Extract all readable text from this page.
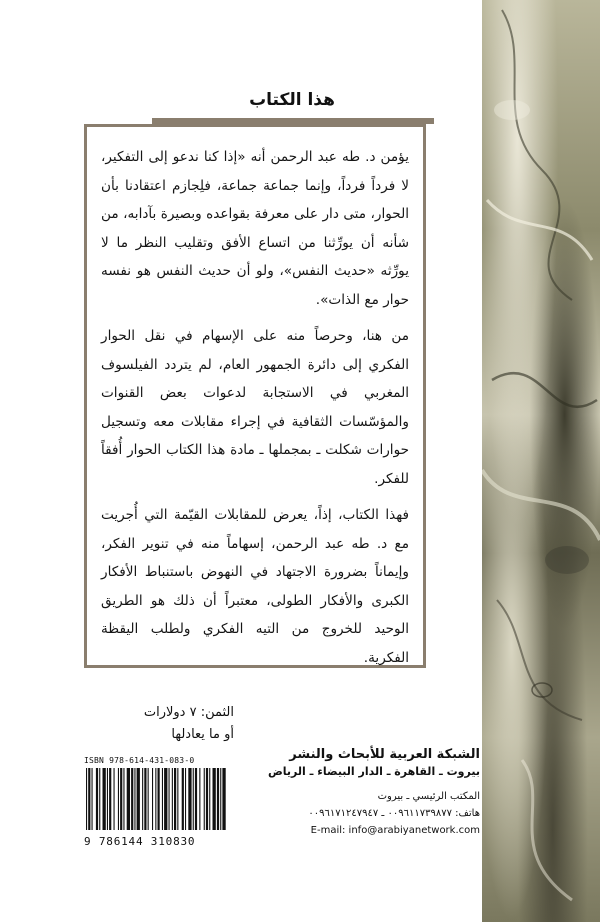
هذا الكتاب

يؤمن د. طه عبد الرحمن أنه «إذا كنا ندعو إلى التفكير، لا فرداً فرداً، وإنما جماعة جماعة، فلِجازم اعتقادنا بأن الحوار، متى دار على معرفة بقواعده وبصيرة بآدابه، من شأنه أن يورِّثنا من اتساع الأفق وتقليب النظر ما لا يورِّثه «حديث النفس»، ولو أن حديث النفس هو نفسه حوار مع الذات».

من هنا، وحرصاً منه على الإسهام في نقل الحوار الفكري إلى دائرة الجمهور العام، لم يتردد الفيلسوف المغربي في الاستجابة لدعوات بعض القنوات والمؤسّسات الثقافية في إجراء مقابلات معه وتسجيل حوارات شكلت ـ بمجملها ـ مادة هذا الكتاب الحوار أُفقاً للفكر.

فهذا الكتاب، إذاً، يعرض للمقابلات القيّمة التي أُجريت مع د. طه عبد الرحمن، إسهاماً منه في تنوير الفكر، وإيماناً بضرورة الاجتهاد في النهوض باستنباط الأفكار الكبرى والأفكار الطولى، معتبراً أن ذلك هو الطريق الوحيد للخروج من التيه الفكري ولطلب اليقظة الفكرية.

الثمن: ٧ دولارات
أو ما يعادلها
الشبكة العربية للأبحاث والنشر
بيروت ـ القاهرة ـ الدار البيضاء ـ الرياض
المكتب الرئيسي ـ بيروت
هاتف: ٠٠٩٦١١٧٣٩٨٧٧ ـ ٠٠٩٦١٧١٢٤٧٩٤٧
E-mail: info@arabiyanetwork.com
ISBN 978-614-431-083-0
9 786144 310830
